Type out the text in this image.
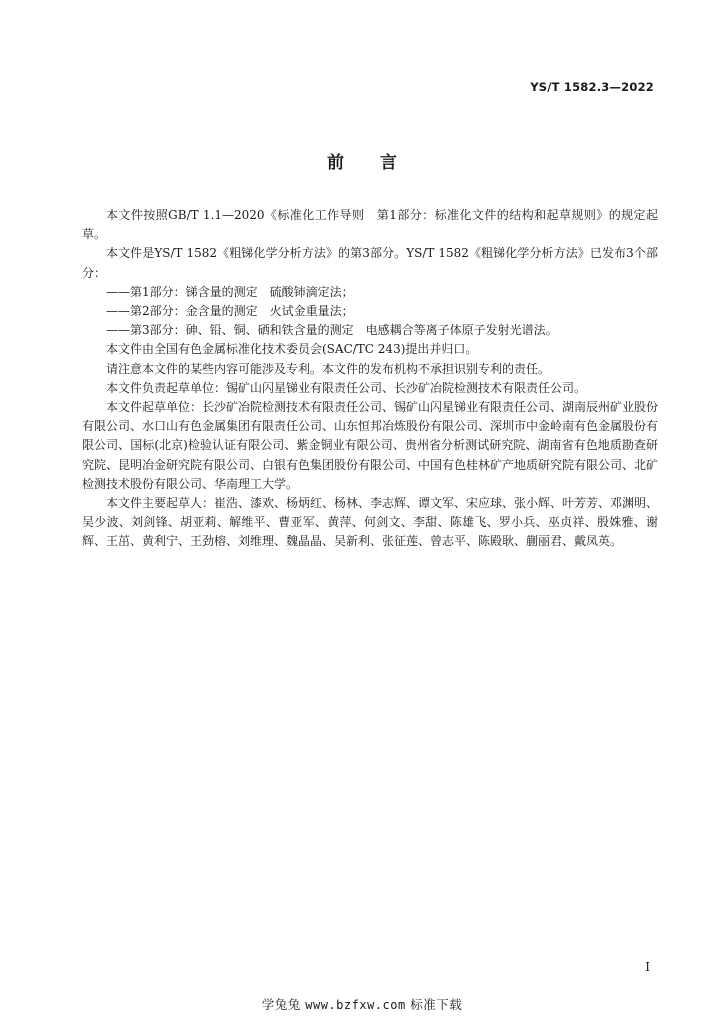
YS/T 1582.3—2022
前言

本文件按照GB/T 1.1—2020《标准化工作导则　第1部分：标准化文件的结构和起草规则》的规定起草。

本文件是YS/T 1582《粗锑化学分析方法》的第3部分。YS/T 1582《粗锑化学分析方法》已发布3个部分：

——第1部分：锑含量的测定　硫酸铈滴定法；

——第2部分：金含量的测定　火试金重量法；

——第3部分：砷、铅、铜、硒和铁含量的测定　电感耦合等离子体原子发射光谱法。

本文件由全国有色金属标准化技术委员会(SAC/TC 243)提出并归口。

请注意本文件的某些内容可能涉及专利。本文件的发布机构不承担识别专利的责任。

本文件负责起草单位：锡矿山闪星锑业有限责任公司、长沙矿冶院检测技术有限责任公司。

本文件起草单位：长沙矿冶院检测技术有限责任公司、锡矿山闪星锑业有限责任公司、湖南辰州矿业股份有限公司、水口山有色金属集团有限责任公司、山东恒邦冶炼股份有限公司、深圳市中金岭南有色金属股份有限公司、国标(北京)检验认证有限公司、紫金铜业有限公司、贵州省分析测试研究院、湖南省有色地质勘查研究院、昆明冶金研究院有限公司、白银有色集团股份有限公司、中国有色桂林矿产地质研究院有限公司、北矿检测技术股份有限公司、华南理工大学。

本文件主要起草人：崔浩、漆欢、杨炳红、杨林、李志辉、谭文军、宋应球、张小辉、叶芳芳、邓渊明、吴少波、刘剑锋、胡亚莉、解维平、曹亚军、黄萍、何剑文、李甜、陈雄飞、罗小兵、巫贞祥、殷姝雅、谢辉、王茁、黄利宁、王劲榕、刘维理、魏晶晶、吴新利、张征莲、曾志平、陈殿耿、蒯丽君、戴凤英。

I
学兔兔 www.bzfxw.com 标准下载
